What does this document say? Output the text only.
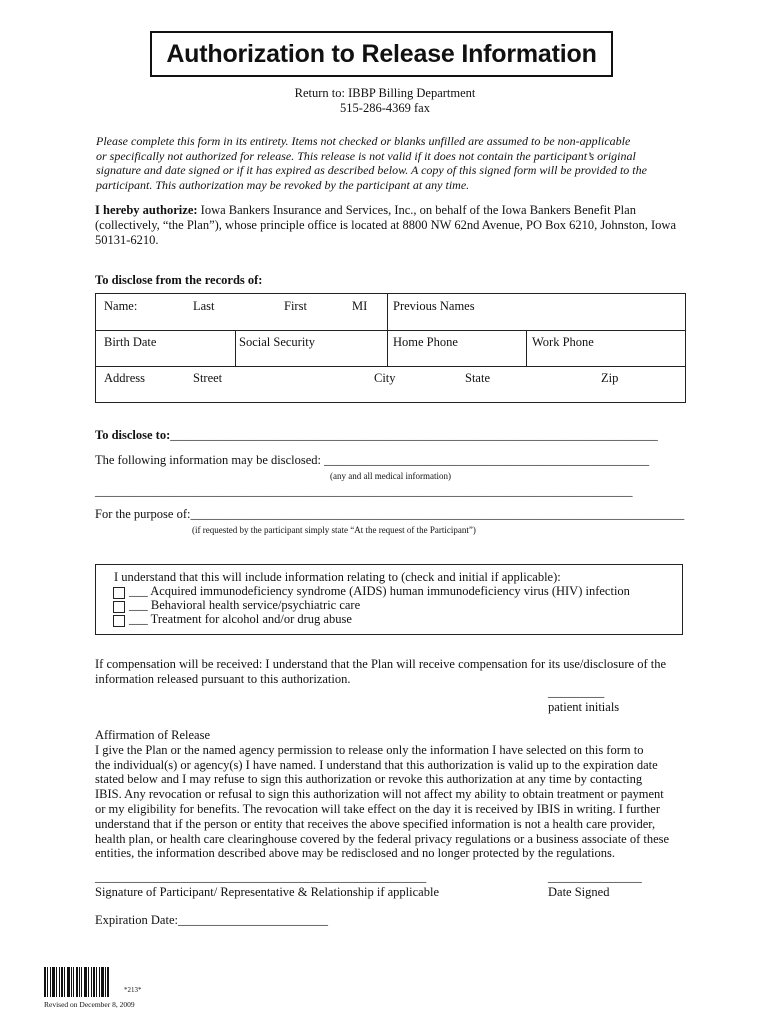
Authorization to Release Information
Return to: IBBP Billing Department
515-286-4369 fax
Please complete this form in its entirety. Items not checked or blanks unfilled are assumed to be non-applicable
or specifically not authorized for release. This release is not valid if it does not contain the participant’s original
signature and date signed or if it has expired as described below. A copy of this signed form will be provided to the
participant. This authorization may be revoked by the participant at any time.
I hereby authorize: Iowa Bankers Insurance and Services, Inc., on behalf of the Iowa Bankers Benefit Plan
(collectively, “the Plan”), whose principle office is located at 8800 NW 62nd Avenue, PO Box 6210, Johnston, Iowa
50131-6210.
To disclose from the records of:
Name:	Last	First	MI Previous Names
Birth Date	Social Security	Home Phone	Work Phone
Address	Street	City	State	Zip
To disclose to:______________________________________________________________________________
The following information may be disclosed: ____________________________________________________
(any and all medical information)
______________________________________________________________________________________
For the purpose of:_______________________________________________________________________________
(if requested by the participant simply state “At the request of the Participant”)
I understand that this will include information relating to (check and initial if applicable):
___ Acquired immunodeficiency syndrome (AIDS) human immunodeficiency virus (HIV) infection
___ Behavioral health service/psychiatric care
___ Treatment for alcohol and/or drug abuse
If compensation will be received: I understand that the Plan will receive compensation for its use/disclosure of the
information released pursuant to this authorization.
_________
patient initials
Affirmation of Release
I give the Plan or the named agency permission to release only the information I have selected on this form to
the individual(s) or agency(s) I have named. I understand that this authorization is valid up to the expiration date
stated below and I may refuse to sign this authorization or revoke this authorization at any time by contacting
IBIS. Any revocation or refusal to sign this authorization will not affect my ability to obtain treatment or payment
or my eligibility for benefits. The revocation will take effect on the day it is received by IBIS in writing. I further
understand that if the person or entity that receives the above specified information is not a health care provider,
health plan, or health care clearinghouse covered by the federal privacy regulations or a business associate of these
entities, the information described above may be redisclosed and no longer protected by the regulations.
_____________________________________________________
Signature of Participant/ Representative & Relationship if applicable
_______________
Date Signed
Expiration Date:________________________
*213*
Revised on December 8, 2009
